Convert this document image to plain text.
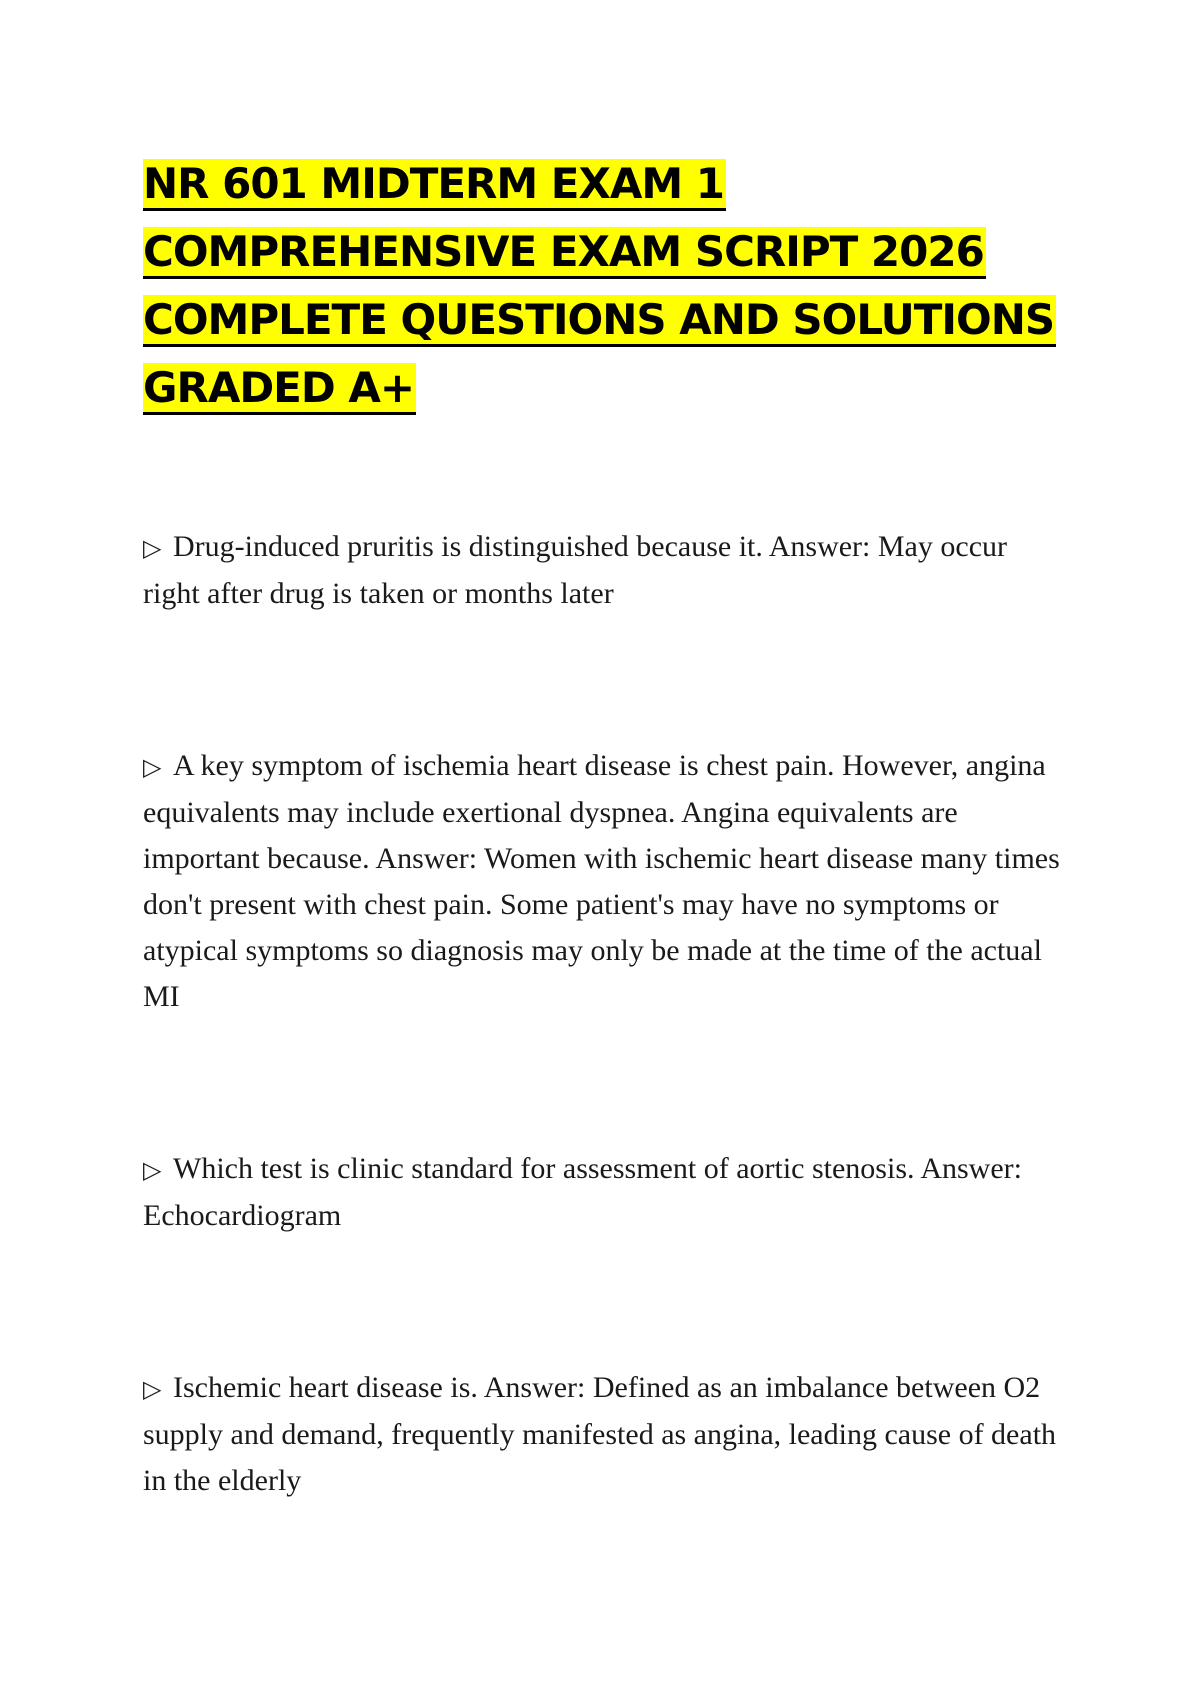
NR 601 MIDTERM EXAM 1
COMPREHENSIVE EXAM SCRIPT 2026
COMPLETE QUESTIONS AND SOLUTIONS
GRADED A+

▷ Drug-induced pruritis is distinguished because it. Answer: May occur right after drug is taken or months later

▷ A key symptom of ischemia heart disease is chest pain. However, angina equivalents may include exertional dyspnea. Angina equivalents are important because. Answer: Women with ischemic heart disease many times don't present with chest pain. Some patient's may have no symptoms or atypical symptoms so diagnosis may only be made at the time of the actual MI

▷ Which test is clinic standard for assessment of aortic stenosis. Answer: Echocardiogram

▷ Ischemic heart disease is. Answer: Defined as an imbalance between O2 supply and demand, frequently manifested as angina, leading cause of death in the elderly
